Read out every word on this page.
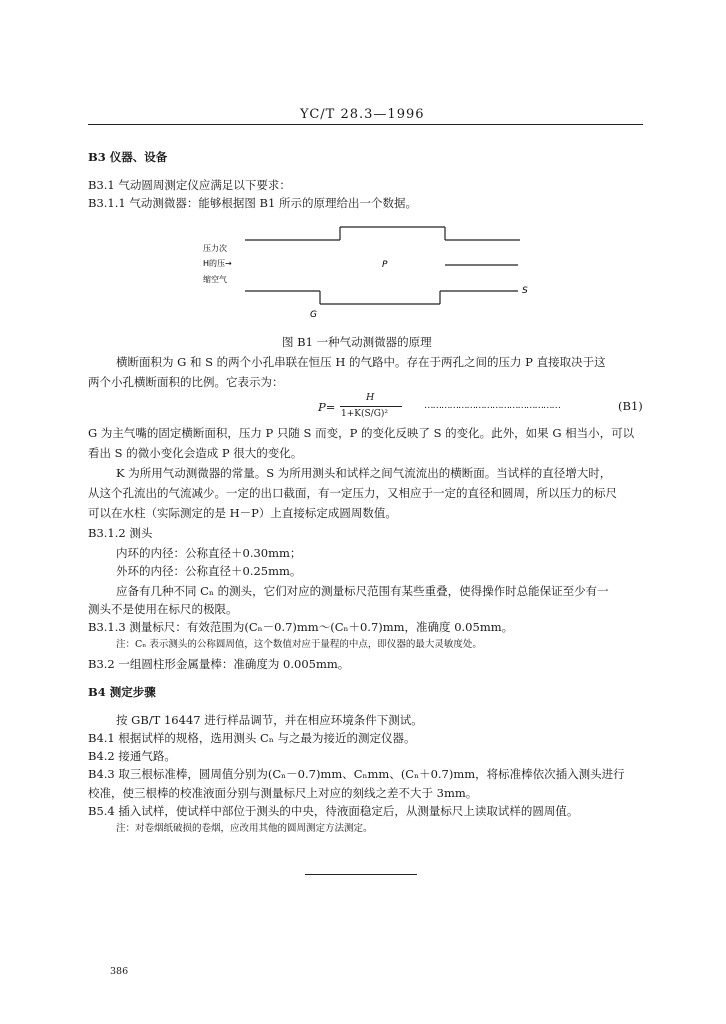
YC/T 28.3—1996
B3 仪器、设备
B3.1 气动圆周测定仪应满足以下要求：
B3.1.1 气动测微器：能够根据图 B1 所示的原理给出一个数据。
压力次
H的压→
缩空气
P
S
G
图 B1 一种气动测微器的原理
横断面积为 G 和 S 的两个小孔串联在恒压 H 的气路中。存在于两孔之间的压力 P 直接取决于这
两个小孔横断面积的比例。它表示为：
P=
H
1+K(S/G)²
…………………………………………	(B1)
G 为主气嘴的固定横断面积，压力 P 只随 S 而变，P 的变化反映了 S 的变化。此外，如果 G 相当小，可以
看出 S 的微小变化会造成 P 很大的变化。
K 为所用气动测微器的常量。S 为所用测头和试样之间气流流出的横断面。当试样的直径增大时，
从这个孔流出的气流减少。一定的出口截面，有一定压力，又相应于一定的直径和圆周，所以压力的标尺
可以在水柱（实际测定的是 H－P）上直接标定成圆周数值。
B3.1.2 测头
内环的内径：公称直径＋0.30mm；
外环的内径：公称直径＋0.25mm。
应备有几种不同 Cₙ 的测头，它们对应的测量标尺范围有某些重叠，使得操作时总能保证至少有一
测头不是使用在标尺的极限。
B3.1.3 测量标尺：有效范围为(Cₙ－0.7)mm～(Cₙ＋0.7)mm，准确度 0.05mm。
注：Cₙ 表示测头的公称圆周值，这个数值对应于量程的中点，即仪器的最大灵敏度处。
B3.2 一组圆柱形金属量棒：准确度为 0.005mm。
B4 测定步骤
按 GB/T 16447 进行样品调节，并在相应环境条件下测试。
B4.1 根据试样的规格，选用测头 Cₙ 与之最为接近的测定仪器。
B4.2 接通气路。
B4.3 取三根标准棒，圆周值分别为(Cₙ－0.7)mm、Cₙmm、(Cₙ＋0.7)mm，将标准棒依次插入测头进行
校准，使三根棒的校准液面分别与测量标尺上对应的刻线之差不大于 3mm。
B5.4 插入试样，使试样中部位于测头的中央，待液面稳定后，从测量标尺上读取试样的圆周值。
注：对卷烟纸破损的卷烟，应改用其他的圆周测定方法测定。
386
